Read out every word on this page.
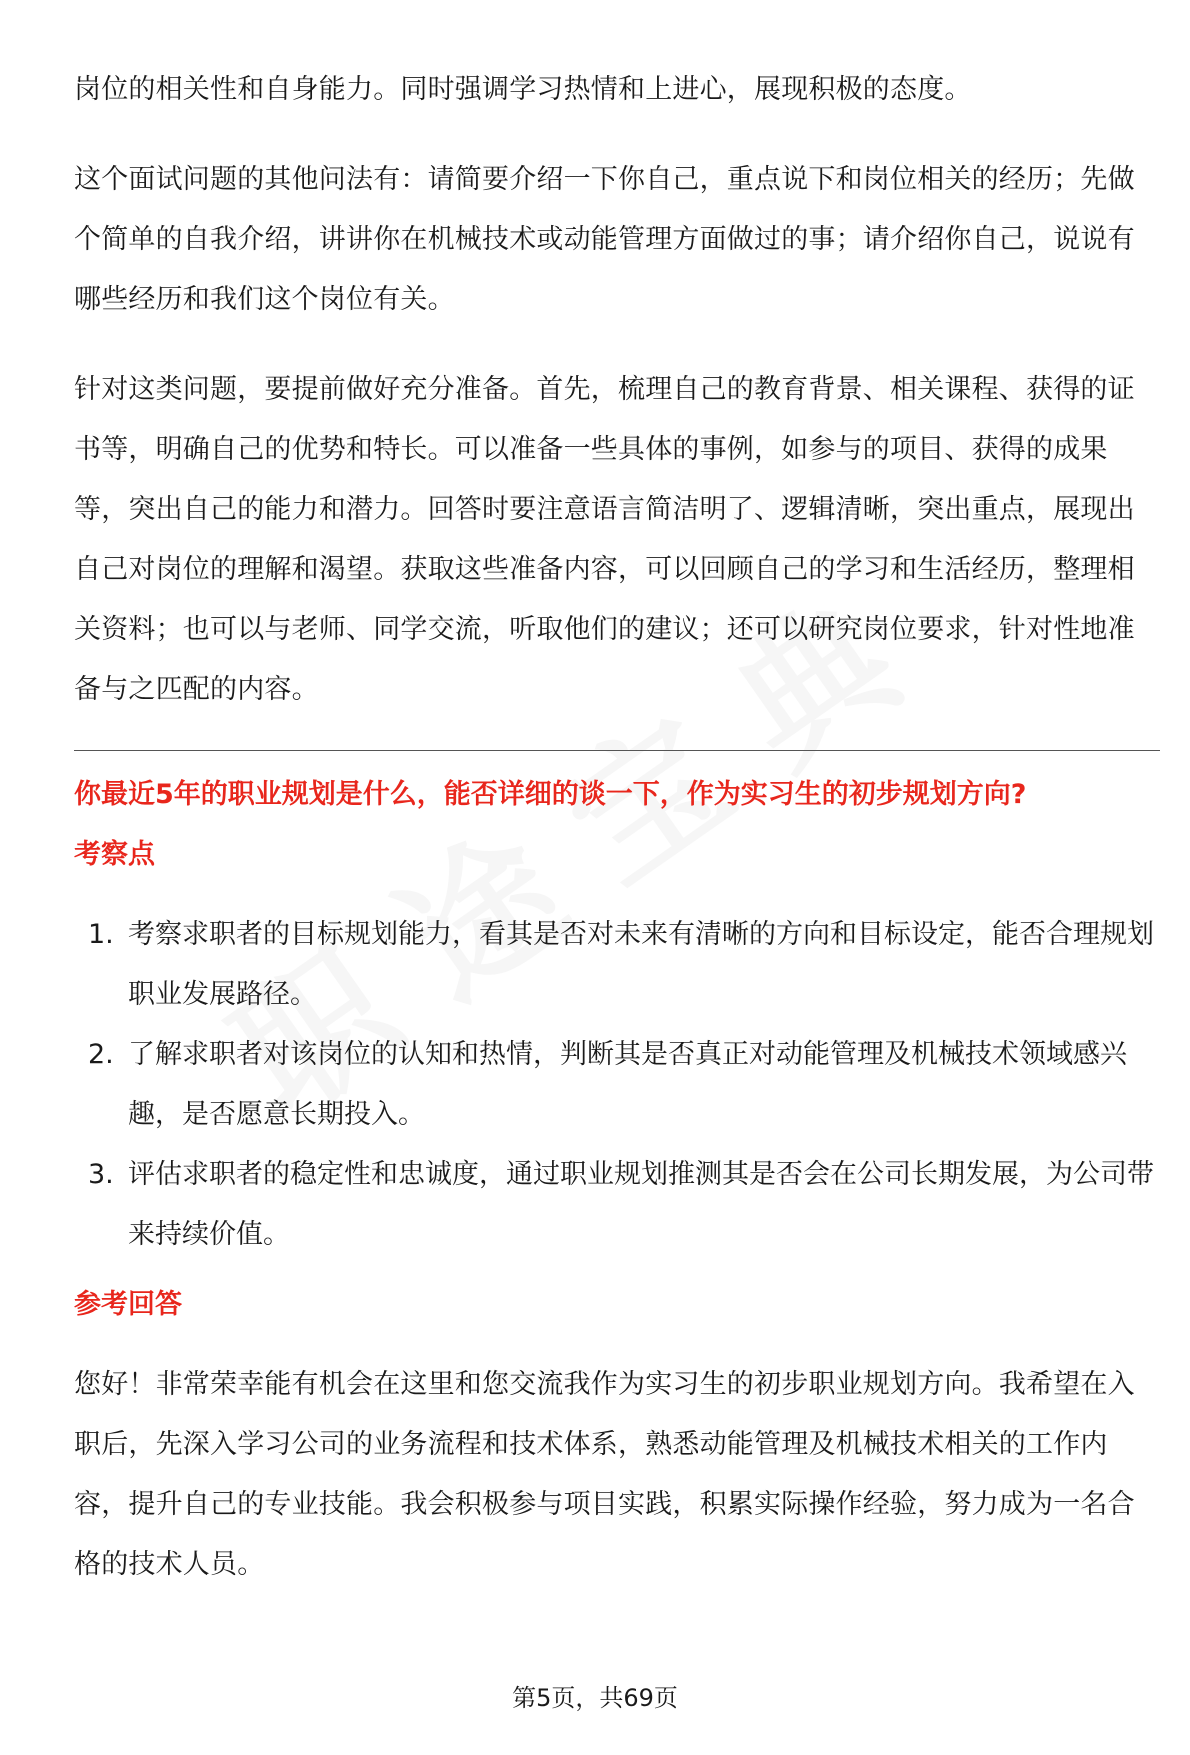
岗位的相关性和自身能力。同时强调学习热情和上进心，展现积极的态度。

这个面试问题的其他问法有：请简要介绍一下你自己，重点说下和岗位相关的经历；先做个简单的自我介绍，讲讲你在机械技术或动能管理方面做过的事；请介绍你自己，说说有哪些经历和我们这个岗位有关。

针对这类问题，要提前做好充分准备。首先，梳理自己的教育背景、相关课程、获得的证书等，明确自己的优势和特长。可以准备一些具体的事例，如参与的项目、获得的成果等，突出自己的能力和潜力。回答时要注意语言简洁明了、逻辑清晰，突出重点，展现出自己对岗位的理解和渴望。获取这些准备内容，可以回顾自己的学习和生活经历，整理相关资料；也可以与老师、同学交流，听取他们的建议；还可以研究岗位要求，针对性地准备与之匹配的内容。

你最近5年的职业规划是什么，能否详细的谈一下，作为实习生的初步规划方向?

考察点

1. 考察求职者的目标规划能力，看其是否对未来有清晰的方向和目标设定，能否合理规划职业发展路径。
2. 了解求职者对该岗位的认知和热情，判断其是否真正对动能管理及机械技术领域感兴趣，是否愿意长期投入。
3. 评估求职者的稳定性和忠诚度，通过职业规划推测其是否会在公司长期发展，为公司带来持续价值。

参考回答

您好！非常荣幸能有机会在这里和您交流我作为实习生的初步职业规划方向。我希望在入职后，先深入学习公司的业务流程和技术体系，熟悉动能管理及机械技术相关的工作内容，提升自己的专业技能。我会积极参与项目实践，积累实际操作经验，努力成为一名合格的技术人员。

第5页，共69页
